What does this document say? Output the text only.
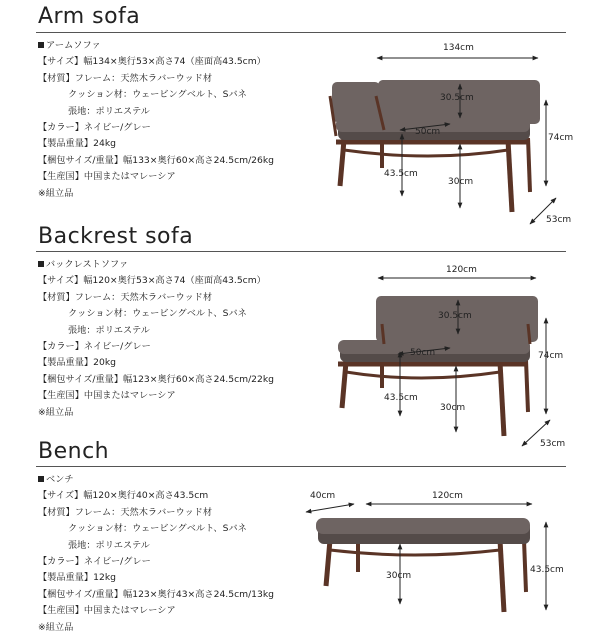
Arm sofa
アームソファ
【サイズ】幅134×奥行53×高さ74（座面高43.5cm）
【材質】フレーム：天然木ラバーウッド材
クッション材：ウェービングベルト、Sバネ
張地：ポリエステル
【カラー】ネイビー/グレー
【製品重量】24kg
【梱包サイズ/重量】幅133×奥行60×高さ24.5cm/26kg
【生産国】中国またはマレーシア
※組立品
134cm
30.5cm
50cm
74cm
43.5cm
30cm
53cm
Backrest sofa
バックレストソファ
【サイズ】幅120×奥行53×高さ74（座面高43.5cm）
【材質】フレーム：天然木ラバーウッド材
クッション材：ウェービングベルト、Sバネ
張地：ポリエステル
【カラー】ネイビー/グレー
【製品重量】20kg
【梱包サイズ/重量】幅123×奥行60×高さ24.5cm/22kg
【生産国】中国またはマレーシア
※組立品
120cm
30.5cm
50cm	74cm
43.5cm
30cm
53cm
Bench
ベンチ
【サイズ】幅120×奥行40×高さ43.5cm
【材質】フレーム：天然木ラバーウッド材
クッション材：ウェービングベルト、Sバネ
張地：ポリエステル
【カラー】ネイビー/グレー
【製品重量】12kg
【梱包サイズ/重量】幅123×奥行43×高さ24.5cm/13kg
【生産国】中国またはマレーシア
※組立品
40cm	120cm
30cm
43.5cm
